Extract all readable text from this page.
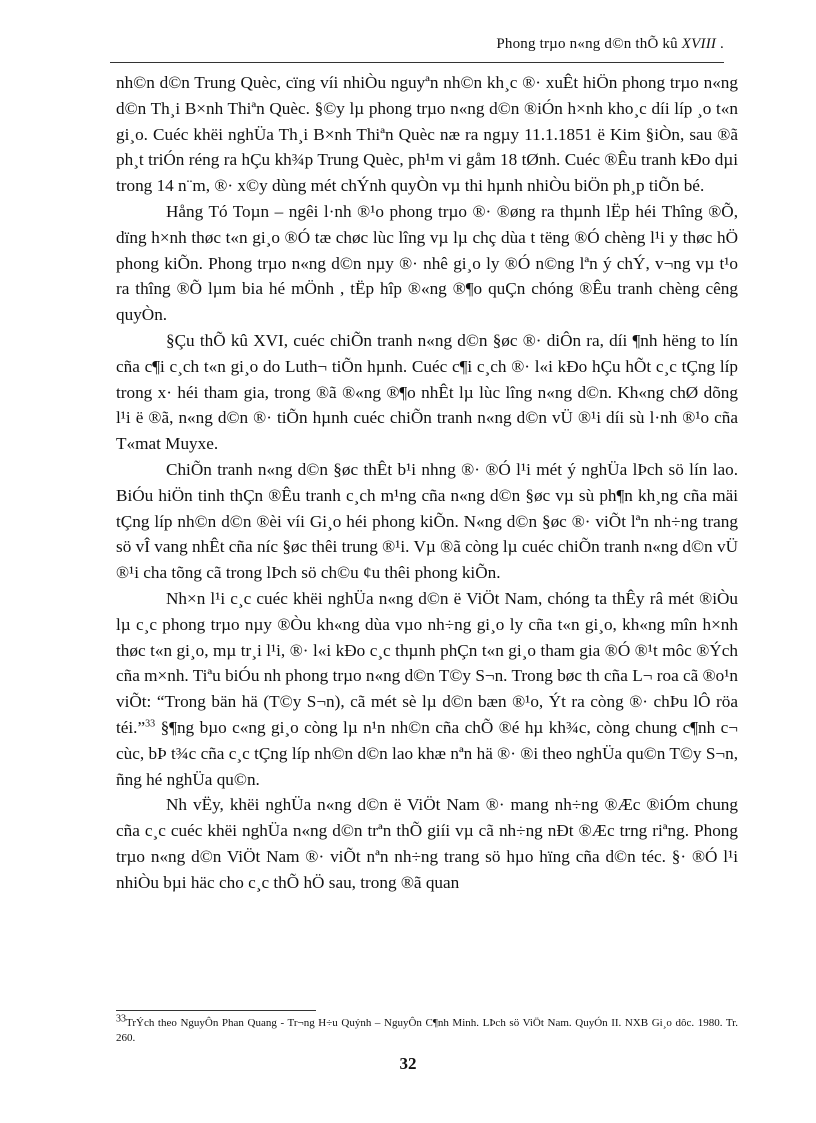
Phong trµo n«ng d©n thÕ kû XVIII .

nh©n d©n Trung Quèc, cïng víi nhiÒu nguyªn nh©n kh¸c ®· xuÊt hiÖn phong trµo n«ng d©n Th¸i B×nh Thiªn Quèc. §©y lµ phong trµo n«ng d©n ®iÓn h×nh kho¸c díi líp ¸o t«n gi¸o. Cuéc khëi nghÜa Th¸i B×nh Thiªn Quèc næ ra ngµy 11.1.1851 ë Kim §iÒn, sau ®ã ph¸t triÓn réng ra hÇu kh¾p Trung Quèc, ph¹m vi gåm 18 tØnh. Cuéc ®Êu tranh kÐo dµi trong 14 n¨m, ®· x©y dùng mét chÝnh quyÒn vµ thi hµnh nhiÒu biÖn ph¸p tiÕn bé.

Hång Tó Toµn – ngêi l·nh ®¹o phong trµo ®· ®øng ra thµnh lËp héi Thîng ®Õ, dïng h×nh thøc t«n gi¸o ®Ó tæ chøc lùc lîng vµ lµ chç dùa t tëng ®Ó chèng l¹i y thøc hÖ phong kiÕn. Phong trµo n«ng d©n nµy ®· nhê gi¸o ly ®Ó n©ng lªn ý chÝ, v¬ng vµ t¹o ra thîng ®Õ lµm bia hé mÖnh , tËp hîp ®«ng ®¶o quÇn chóng ®Êu tranh chèng cêng quyÒn.

§Çu thÕ kû XVI, cuéc chiÕn tranh n«ng d©n §øc ®· diÔn ra, díi ¶nh hëng to lín cña c¶i c¸ch t«n gi¸o do Luth¬ tiÕn hµnh. Cuéc c¶i c¸ch ®· l«i kÐo hÇu hÕt c¸c tÇng líp trong x· héi tham gia, trong ®ã ®«ng ®¶o nhÊt lµ lùc lîng n«ng d©n. Kh«ng chØ dõng l¹i ë ®ã, n«ng d©n ®· tiÕn hµnh cuéc chiÕn tranh n«ng d©n vÜ ®¹i díi sù l·nh ®¹o cña T«mat Muyxe.

ChiÕn tranh n«ng d©n §øc thÊt b¹i nhng ®· ®Ó l¹i mét ý nghÜa lÞch sö lín lao. BiÓu hiÖn tinh thÇn ®Êu tranh c¸ch m¹ng cña n«ng d©n §øc vµ sù ph¶n kh¸ng cña mäi tÇng líp nh©n d©n ®èi víi Gi¸o héi phong kiÕn. N«ng d©n §øc ®· viÕt lªn nh÷ng trang sö vÎ vang nhÊt cña níc §øc thêi trung ®¹i. Vµ ®ã còng lµ cuéc chiÕn tranh n«ng d©n vÜ ®¹i cha tõng cã trong lÞch sö ch©u ¢u thêi phong kiÕn.

Nh×n l¹i c¸c cuéc khëi nghÜa n«ng d©n ë ViÖt Nam, chóng ta thÊy râ mét ®iÒu lµ c¸c phong trµo nµy ®Òu kh«ng dùa vµo nh÷ng gi¸o ly cña t«n gi¸o, kh«ng mîn h×nh thøc t«n gi¸o, mµ tr¸i l¹i, ®· l«i kÐo c¸c thµnh phÇn t«n gi¸o tham gia ®Ó ®¹t môc ®Ých cña m×nh. Tiªu biÓu nh phong trµo n«ng d©n T©y S¬n. Trong bøc th cña L¬ roa cã ®o¹n viÕt: “Trong bän hä (T©y S¬n), cã mét sè lµ d©n bæn ®¹o, Ýt ra còng ®· chÞu lÔ röa téi.”$^{33}$ §¶ng bµo c«ng gi¸o còng lµ n¹n nh©n cña chÕ ®é hµ kh¾c, còng chung c¶nh c¬ cùc, bÞ t¾c cña c¸c tÇng líp nh©n d©n lao khæ nªn hä ®· ®i theo nghÜa qu©n T©y S¬n, ñng hé nghÜa qu©n.

Nh vËy, khëi nghÜa n«ng d©n ë ViÖt Nam ®· mang nh÷ng ®Æc ®iÓm chung cña c¸c cuéc khëi nghÜa n«ng d©n trªn thÕ giíi vµ cã nh÷ng nÐt ®Æc trng riªng. Phong trµo n«ng d©n ViÖt Nam ®· viÕt nªn nh÷ng trang sö hµo hïng cña d©n téc. §· ®Ó l¹i nhiÒu bµi häc cho c¸c thÕ hÖ sau, trong ®ã quan

$^{33}$TrÝch theo NguyÔn Phan Quang - Tr¬ng H÷u Quýnh – NguyÔn C¶nh Minh. LÞch sö ViÖt Nam. QuyÓn II. NXB Gi¸o dôc. 1980. Tr. 260.
32
